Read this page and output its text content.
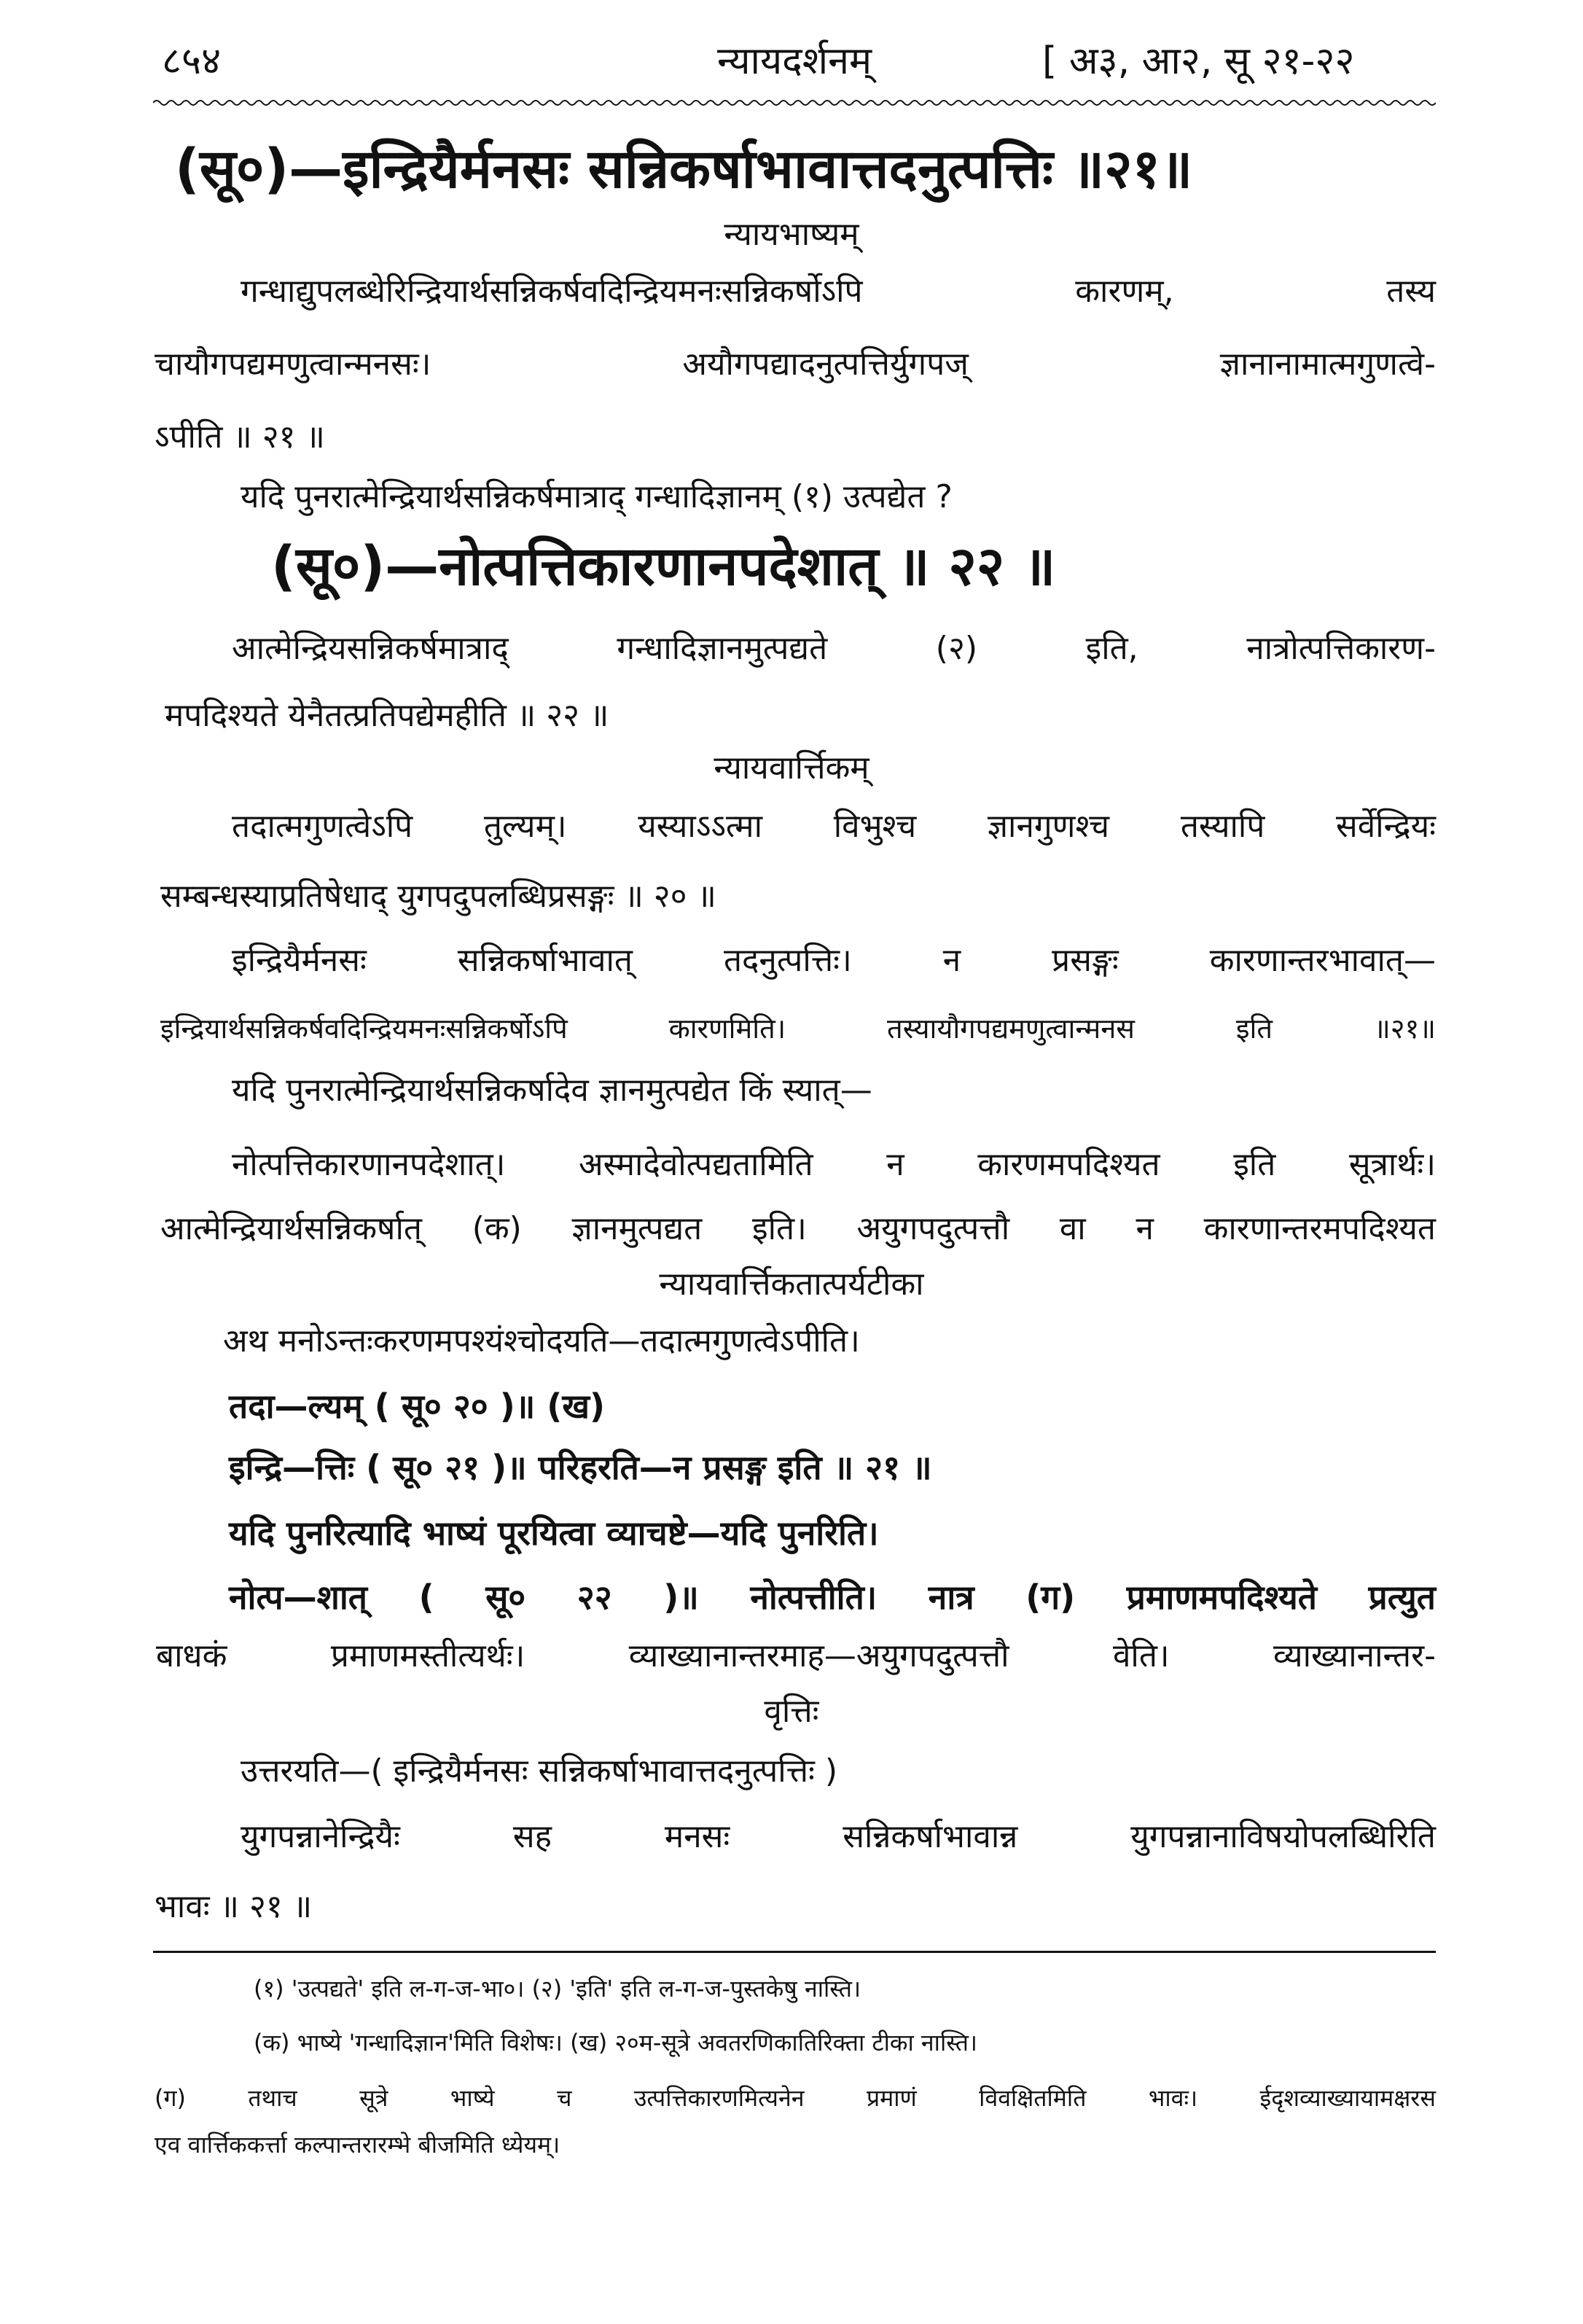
८५४	न्यायदर्शनम्	[ अ३, आ२, सू २१-२२
(सू०)—इन्द्रियैर्मनसः सन्निकर्षाभावात्तदनुत्पत्तिः ॥२१॥
न्यायभाष्यम्
गन्धाद्युपलब्धेरिन्द्रियार्थसन्निकर्षवदिन्द्रियमनःसन्निकर्षोऽपि कारणम्, तस्य
चायौगपद्यमणुत्वान्मनसः। अयौगपद्यादनुत्पत्तिर्युगपज् ज्ञानानामात्मगुणत्वे-
ऽपीति ॥ २१ ॥
यदि पुनरात्मेन्द्रियार्थसन्निकर्षमात्राद् गन्धादिज्ञानम् (१) उत्पद्येत ?
(सू०)—नोत्पत्तिकारणानपदेशात् ॥ २२ ॥
आत्मेन्द्रियसन्निकर्षमात्राद् गन्धादिज्ञानमुत्पद्यते (२) इति, नात्रोत्पत्तिकारण-
मपदिश्यते येनैतत्प्रतिपद्येमहीति ॥ २२ ॥
न्यायवार्त्तिकम्
तदात्मगुणत्वेऽपि तुल्यम्। यस्याऽऽत्मा विभुश्च ज्ञानगुणश्च तस्यापि सर्वेन्द्रियः
सम्बन्धस्याप्रतिषेधाद् युगपदुपलब्धिप्रसङ्गः ॥ २० ॥
इन्द्रियैर्मनसः सन्निकर्षाभावात् तदनुत्पत्तिः। न प्रसङ्गः कारणान्तरभावात्—
इन्द्रियार्थसन्निकर्षवदिन्द्रियमनःसन्निकर्षोऽपि कारणमिति। तस्यायौगपद्यमणुत्वान्मनस इति ॥२१॥
यदि पुनरात्मेन्द्रियार्थसन्निकर्षादेव ज्ञानमुत्पद्येत किं स्यात्—
नोत्पत्तिकारणानपदेशात्। अस्मादेवोत्पद्यतामिति न कारणमपदिश्यत इति सूत्रार्थः।
आत्मेन्द्रियार्थसन्निकर्षात् (क) ज्ञानमुत्पद्यत इति। अयुगपदुत्पत्तौ वा न कारणान्तरमपदिश्यत
न्यायवार्त्तिकतात्पर्यटीका
अथ मनोऽन्तःकरणमपश्यंश्चोदयति—तदात्मगुणत्वेऽपीति।
तदा—ल्यम् ( सू० २० )॥ (ख)
इन्द्रि—त्तिः ( सू० २१ )॥ परिहरति—न प्रसङ्ग इति ॥ २१ ॥
यदि पुनरित्यादि भाष्यं पूरयित्वा व्याचष्टे—यदि पुनरिति।
नोत्प—शात् ( सू० २२ )॥ नोत्पत्तीति। नात्र (ग) प्रमाणमपदिश्यते प्रत्युत
बाधकं प्रमाणमस्तीत्यर्थः। व्याख्यानान्तरमाह—अयुगपदुत्पत्तौ वेति। व्याख्यानान्तर-
वृत्तिः
उत्तरयति—( इन्द्रियैर्मनसः सन्निकर्षाभावात्तदनुत्पत्तिः )
युगपन्नानेन्द्रियैः सह मनसः सन्निकर्षाभावान्न युगपन्नानाविषयोपलब्धिरिति
भावः ॥ २१ ॥
(१) 'उत्पद्यते' इति ल-ग-ज-भा०। (२) 'इति' इति ल-ग-ज-पुस्तकेषु नास्ति।
(क) भाष्ये 'गन्धादिज्ञान'मिति विशेषः। (ख) २०म-सूत्रे अवतरणिकातिरिक्ता टीका नास्ति।
(ग) तथाच सूत्रे भाष्ये च उत्पत्तिकारणमित्यनेन प्रमाणं विवक्षितमिति भावः। ईदृशव्याख्यायामक्षरस
एव वार्त्तिककर्त्ता कल्पान्तरारम्भे बीजमिति ध्येयम्।
